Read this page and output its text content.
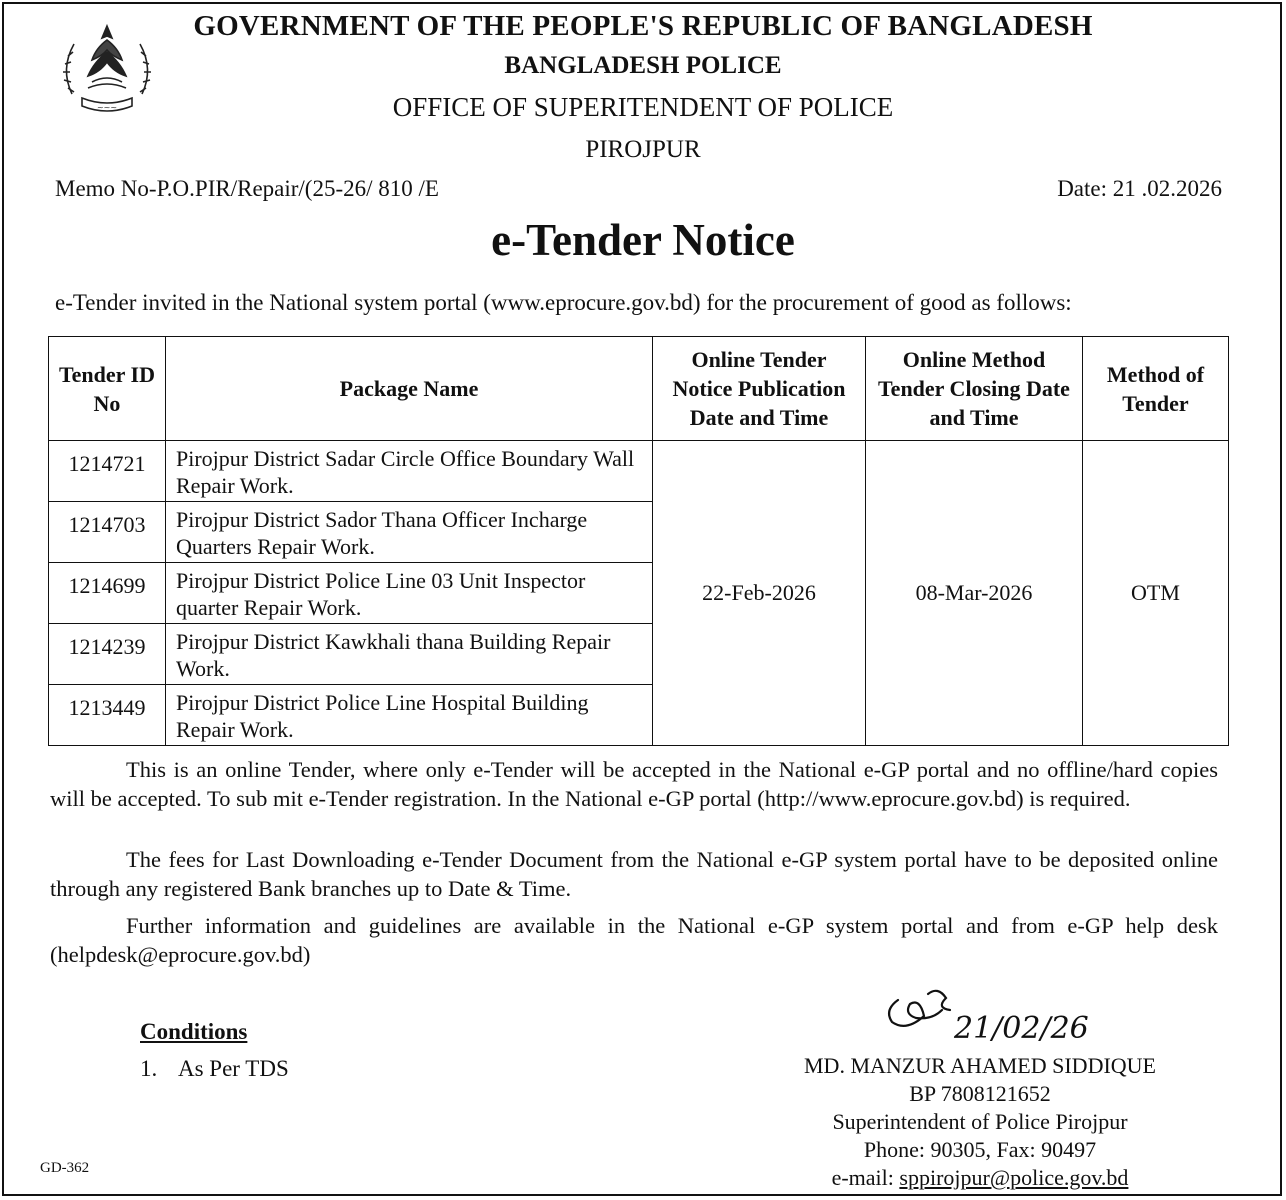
~~~
GOVERNMENT OF THE PEOPLE'S REPUBLIC OF BANGLADESH
BANGLADESH POLICE
OFFICE OF SUPERITENDENT OF POLICE
PIROJPUR
Memo No-P.O.PIR/Repair/(25-26/ 810 /E	Date: 21 .02.2026
e-Tender Notice
e-Tender invited in the National system portal (www.eprocure.gov.bd) for the procurement of good as follows:
Tender ID No	Package Name	Online Tender Notice Publication Date and Time	Online Method Tender Closing Date and Time	Method of Tender
1214721	Pirojpur District Sadar Circle Office Boundary Wall Repair Work.	22-Feb-2026	08-Mar-2026	OTM
1214703	Pirojpur District Sador Thana Officer Incharge Quarters Repair Work.			
1214699	Pirojpur District Police Line 03 Unit Inspector quarter Repair Work.			
1214239	Pirojpur District Kawkhali thana Building Repair Work.			
1213449	Pirojpur District Police Line Hospital Building Repair Work.			
This is an online Tender, where only e-Tender will be accepted in the National e-GP portal and no offline/hard copies will be accepted. To sub mit e-Tender registration. In the National e-GP portal (http://www.eprocure.gov.bd) is required.
The fees for Last Downloading e-Tender Document from the National e-GP system portal have to be deposited online through any registered Bank branches up to Date & Time.
Further information and guidelines are available in the National e-GP system portal and from e-GP help desk (helpdesk@eprocure.gov.bd)
Conditions
1. As Per TDS
21/02/26
MD. MANZUR AHAMED SIDDIQUE
BP 7808121652
Superintendent of Police Pirojpur
Phone: 90305, Fax: 90497
e-mail: sppirojpur@police.gov.bd
GD-362
